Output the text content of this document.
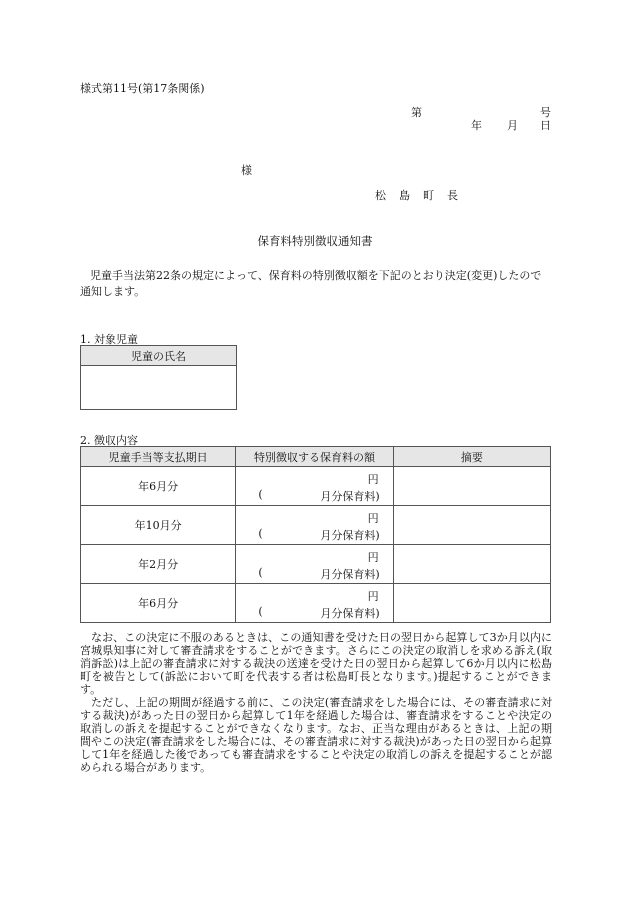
様式第11号(第17条関係)
第	号
年 月 日
様
松島町長
保育料特別徴収通知書
児童手当法第22条の規定によって、保育料の特別徴収額を下記のとおり決定(変更)したので通知します。
1. 対象児童
児童の氏名

2. 徴収内容
児童手当等支払期日	特別徴収する保育料の額	摘要
年6月分	円
( 月分保育料)	

年10月分	円
( 月分保育料)	

年2月分	円
( 月分保育料)	

年6月分	円
( 月分保育料)	

なお、この決定に不服のあるときは、この通知書を受けた日の翌日から起算して3か月以内に宮城県知事に対して審査請求をすることができます。さらにこの決定の取消しを求める訴え(取消訴訟)は上記の審査請求に対する裁決の送達を受けた日の翌日から起算して6か月以内に松島町を被告として(訴訟において町を代表する者は松島町長となります。)提起することができます。

ただし、上記の期間が経過する前に、この決定(審査請求をした場合には、その審査請求に対する裁決)があった日の翌日から起算して1年を経過した場合は、審査請求をすることや決定の取消しの訴えを提起することができなくなります。なお、正当な理由があるときは、上記の期間やこの決定(審査請求をした場合には、その審査請求に対する裁決)があった日の翌日から起算して1年を経過した後であっても審査請求をすることや決定の取消しの訴えを提起することが認められる場合があります。
